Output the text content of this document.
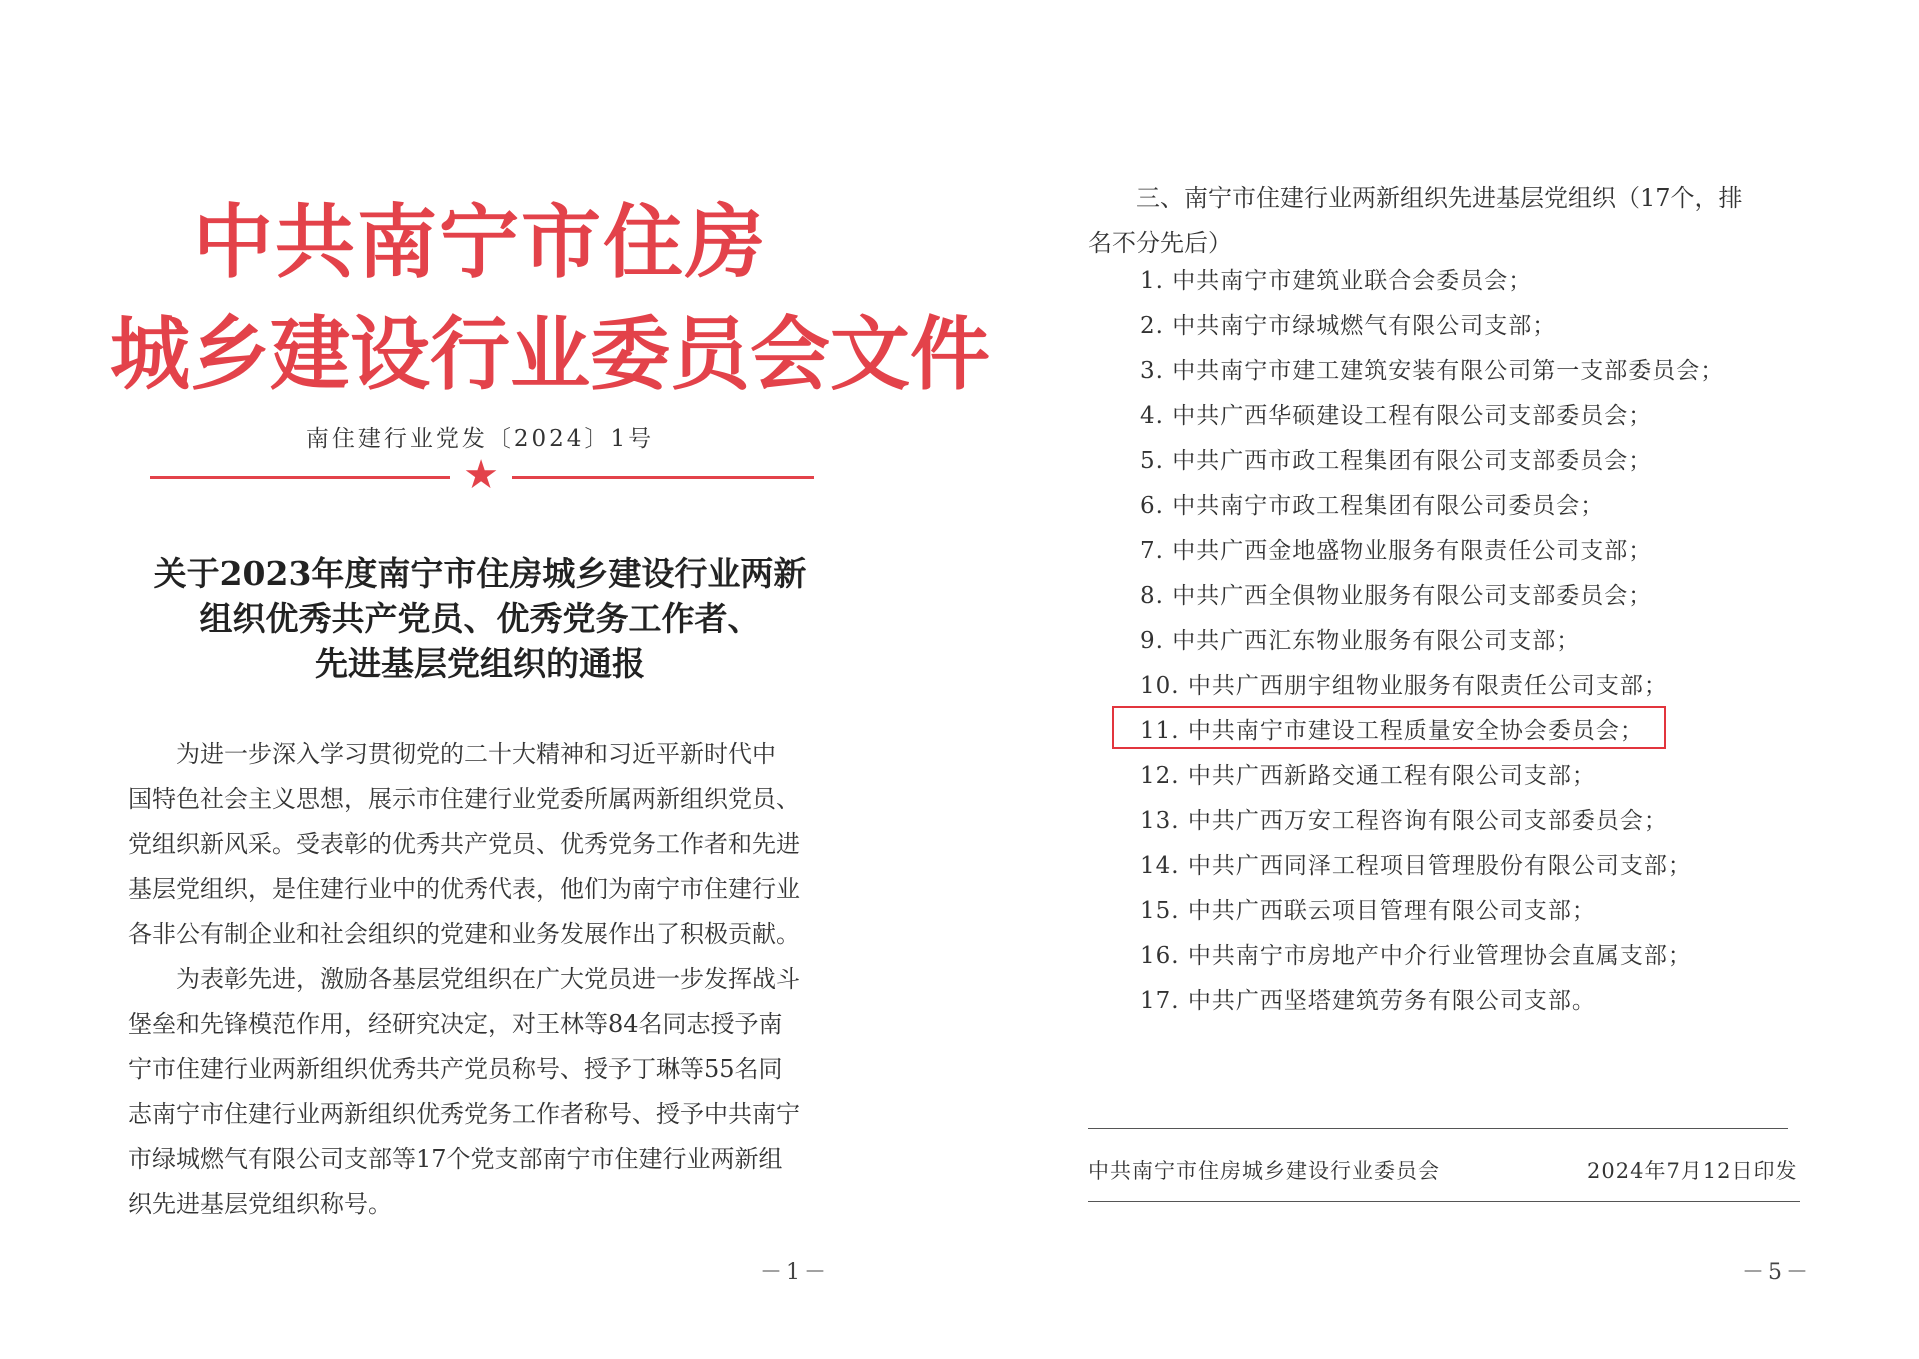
中共南宁市住房
城乡建设行业委员会文件
南住建行业党发〔2024〕1号
★
关于2023年度南宁市住房城乡建设行业两新
组织优秀共产党员、优秀党务工作者、
先进基层党组织的通报

　　为进一步深入学习贯彻党的二十大精神和习近平新时代中

国特色社会主义思想，展示市住建行业党委所属两新组织党员、

党组织新风采。受表彰的优秀共产党员、优秀党务工作者和先进

基层党组织，是住建行业中的优秀代表，他们为南宁市住建行业

各非公有制企业和社会组织的党建和业务发展作出了积极贡献。

　　为表彰先进，激励各基层党组织在广大党员进一步发挥战斗

堡垒和先锋模范作用，经研究决定，对王林等84名同志授予南

宁市住建行业两新组织优秀共产党员称号、授予丁琳等55名同

志南宁市住建行业两新组织优秀党务工作者称号、授予中共南宁

市绿城燃气有限公司支部等17个党支部南宁市住建行业两新组

织先进基层党组织称号。

－1－

　　三、南宁市住建行业两新组织先进基层党组织（17个，排

名不分先后）

1. 中共南宁市建筑业联合会委员会；
2. 中共南宁市绿城燃气有限公司支部；
3. 中共南宁市建工建筑安装有限公司第一支部委员会；
4. 中共广西华硕建设工程有限公司支部委员会；
5. 中共广西市政工程集团有限公司支部委员会；
6. 中共南宁市政工程集团有限公司委员会；
7. 中共广西金地盛物业服务有限责任公司支部；
8. 中共广西全俱物业服务有限公司支部委员会；
9. 中共广西汇东物业服务有限公司支部；
10. 中共广西朋宇组物业服务有限责任公司支部；
11. 中共南宁市建设工程质量安全协会委员会；
12. 中共广西新路交通工程有限公司支部；
13. 中共广西万安工程咨询有限公司支部委员会；
14. 中共广西同泽工程项目管理股份有限公司支部；
15. 中共广西联云项目管理有限公司支部；
16. 中共南宁市房地产中介行业管理协会直属支部；
17. 中共广西坚塔建筑劳务有限公司支部。
中共南宁市住房城乡建设行业委员会	2024年7月12日印发
－5－
